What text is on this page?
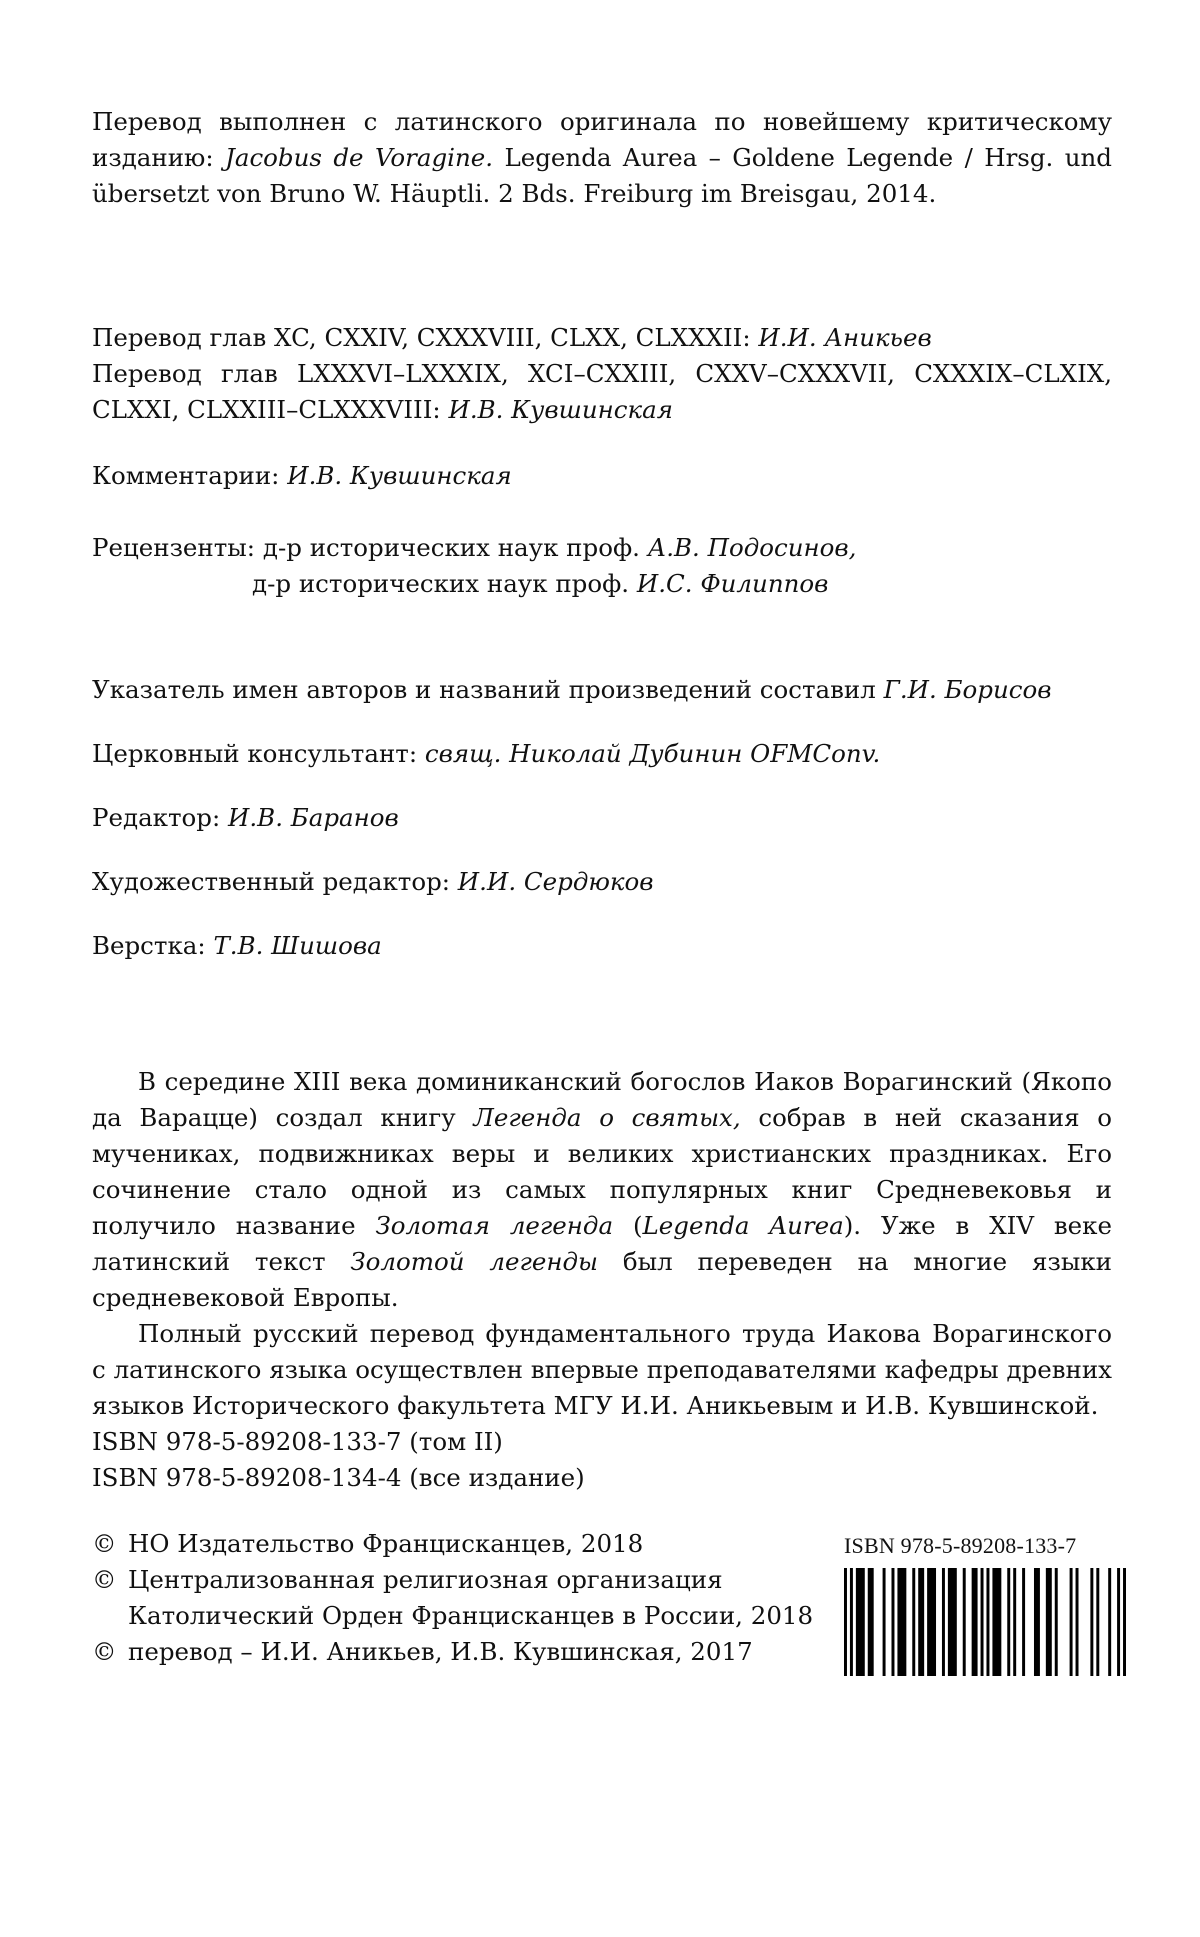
Перевод выполнен с латинского оригинала по новейшему критическому изданию: Jacobus de Voragine. Legenda Aurea – Goldene Legende / Hrsg. und übersetzt von Bruno W. Häuptli. 2 Bds. Freiburg im Breisgau, 2014.

Перевод глав XC, CXXIV, CXXXVIII, CLXX, CLXXXII: И.И. Аникьев

Перевод глав LXXXVI–LXXXIX, XCI–CXXIII, CXXV–CXXXVII, CXXXIX–CLXIX, CLXXI, CLXXIII–CLXXXVIII: И.В. Кувшинская

Комментарии: И.В. Кувшинская

Рецензенты: д-р исторических наук проф. А.В. Подосинов,

д-р исторических наук проф. И.С. Филиппов

Указатель имен авторов и названий произведений составил Г.И. Борисов

Церковный консультант: свящ. Николай Дубинин OFMConv.

Редактор: И.В. Баранов

Художественный редактор: И.И. Сердюков

Верстка: Т.В. Шишова

В середине XIII века доминиканский богослов Иаков Ворагинский (Якопо да Варацце) создал книгу Легенда о святых, собрав в ней сказания о мучениках, подвижниках веры и великих христианских праздниках. Его сочинение стало одной из самых популярных книг Средневековья и получило название Золотая легенда (Legenda Aurea). Уже в XIV веке латинский текст Золотой легенды был переведен на многие языки средневековой Европы.

Полный русский перевод фундаментального труда Иакова Ворагинского с латинского языка осуществлен впервые преподавателями кафедры древних языков Исторического факультета МГУ И.И. Аникьевым и И.В. Кувшинской.

ISBN 978-5-89208-133-7 (том II)

ISBN 978-5-89208-134-4 (все издание)

© НО Издательство Францисканцев, 2018
© Централизованная религиозная организация
Католический Орден Францисканцев в России, 2018
© перевод – И.И. Аникьев, И.В. Кувшинская, 2017

ISBN 978-5-89208-133-7
